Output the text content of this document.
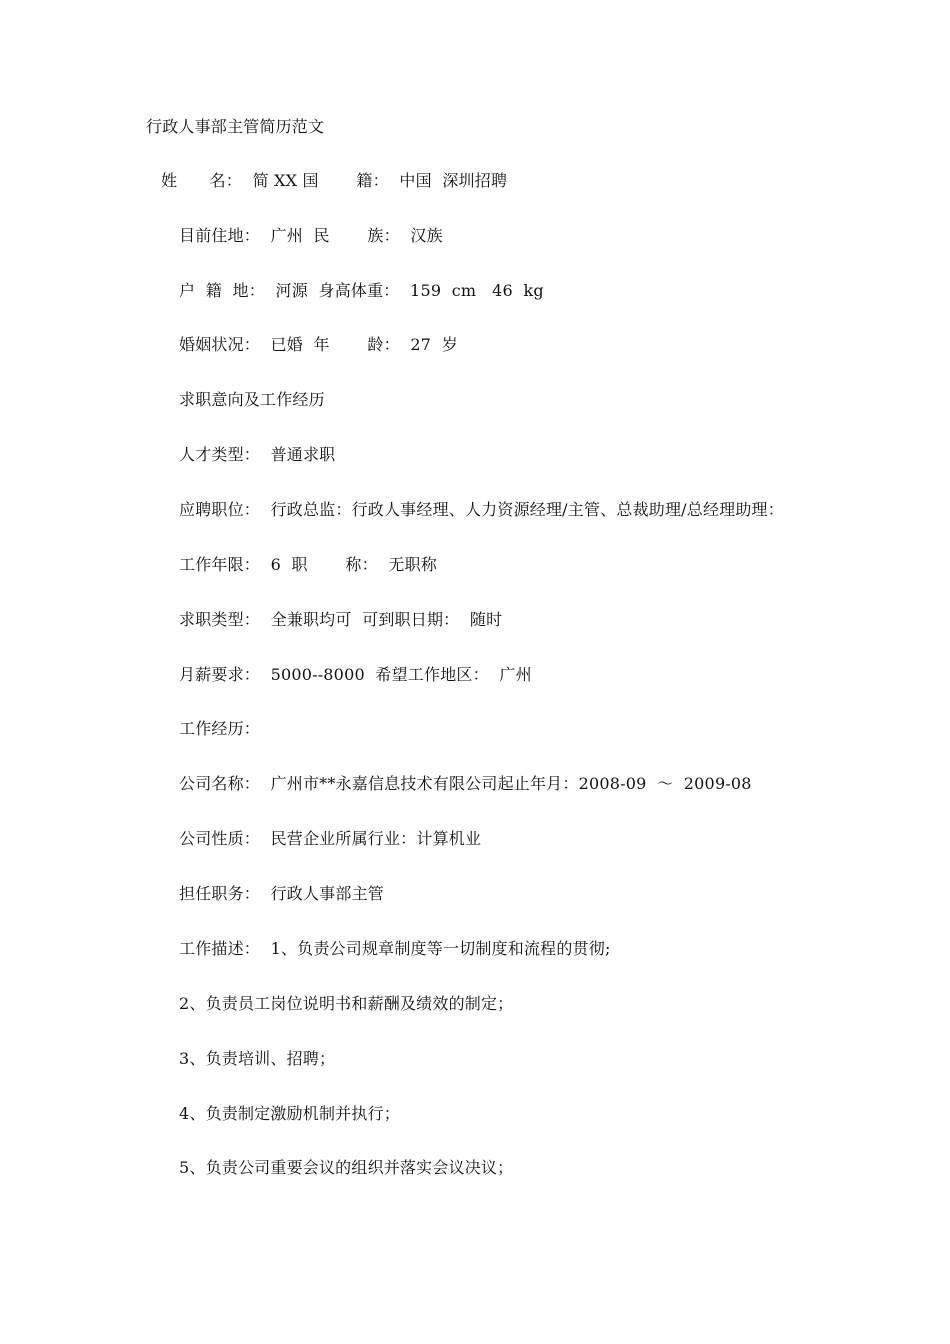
行政人事部主管简历范文
姓　　名：  简 XX 国　　 籍：  中国  深圳招聘
目前住地：  广州  民　　 族：  汉族
户  籍  地：  河源  身高体重：  159  cm   46  kg
婚姻状况：  已婚  年　　 龄：  27  岁
求职意向及工作经历
人才类型：  普通求职
应聘职位：  行政总监：行政人事经理、人力资源经理/主管、总裁助理/总经理助理：
工作年限：  6  职　　 称：  无职称
求职类型：  全兼职均可  可到职日期：  随时
月薪要求：  5000--8000  希望工作地区：  广州
工作经历：
公司名称：  广州市**永嘉信息技术有限公司起止年月：2008-09  ～  2009-08
公司性质：  民营企业所属行业：计算机业
担任职务：  行政人事部主管
工作描述：  1、负责公司规章制度等一切制度和流程的贯彻;
2、负责员工岗位说明书和薪酬及绩效的制定；
3、负责培训、招聘；
4、负责制定激励机制并执行；
5、负责公司重要会议的组织并落实会议决议；
